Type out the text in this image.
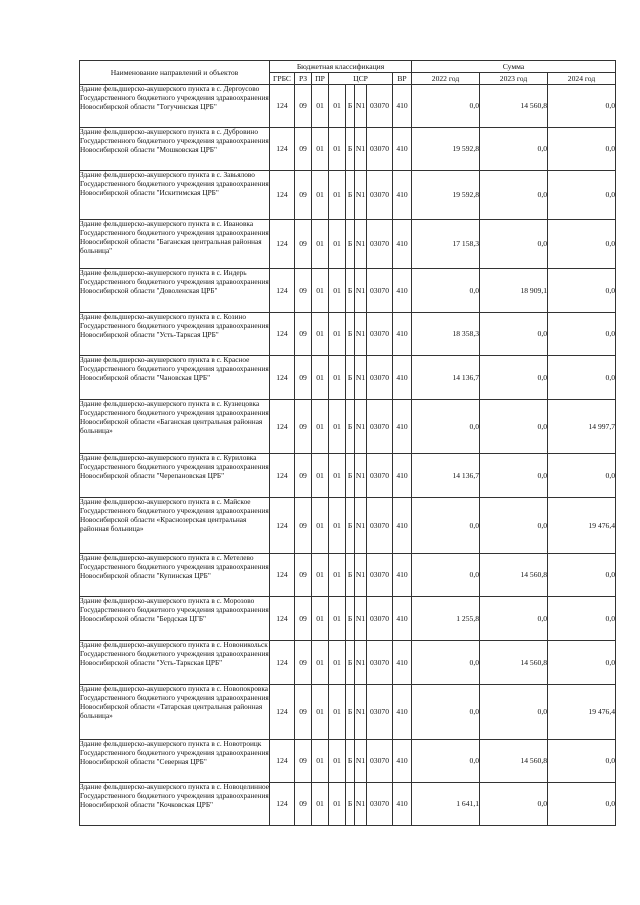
Наименование направлений и объектов	Бюджетная классификация								Сумма		
	ГРБС	РЗ	ПР	ЦСР				ВР	2022 год	2023 год	2024 год
Здание фельдшерско-акушерского пункта в с. Дергоусово Государственного бюджетного учреждения здравоохранения Новосибирской области "Тогучинская ЦРБ"	124	09	01	01	Б	N1	03070	410	0,0	14 560,8	0,0
Здание фельдшерско-акушерского пункта в с. Дубровино Государственного бюджетного учреждения здравоохранения Новосибирской области "Мошковская ЦРБ"	124	09	01	01	Б	N1	03070	410	19 592,8	0,0	0,0
Здание фельдшерско-акушерского пункта в с. Завьялово Государственного бюджетного учреждения здравоохранения Новосибирской области "Искитимская ЦРБ"	124	09	01	01	Б	N1	03070	410	19 592,8	0,0	0,0
Здание фельдшерско-акушерского пункта в с. Ивановка Государственного бюджетного учреждения здравоохранения Новосибирской области "Баганская центральная районная больница"	124	09	01	01	Б	N1	03070	410	17 158,3	0,0	0,0
Здание фельдшерско-акушерского пункта в с. Индерь Государственного бюджетного учреждения здравоохранения Новосибирской области "Доволенская ЦРБ"	124	09	01	01	Б	N1	03070	410	0,0	18 909,1	0,0
Здание фельдшерско-акушерского пункта в с. Козино Государственного бюджетного учреждения здравоохранения Новосибирской области "Усть-Тарксая ЦРБ"	124	09	01	01	Б	N1	03070	410	18 358,3	0,0	0,0
Здание фельдшерско-акушерского пункта в с. Красное Государственного бюджетного учреждения здравоохранения Новосибирской области "Чановская ЦРБ"	124	09	01	01	Б	N1	03070	410	14 136,7	0,0	0,0
Здание фельдшерско-акушерского пункта в с. Кузнецовка Государственного бюджетного учреждения здравоохранения Новосибирской области «Баганская центральная районная больница»	124	09	01	01	Б	N1	03070	410	0,0	0,0	14 997,7
Здание фельдшерско-акушерского пункта в с. Куриловка Государственного бюджетного учреждения здравоохранения Новосибирской области "Черепановская ЦРБ"	124	09	01	01	Б	N1	03070	410	14 136,7	0,0	0,0
Здание фельдшерско-акушерского пункта в с. Майское Государственного бюджетного учреждения здравоохранения Новосибирской области «Краснозерская центральная районная больница»	124	09	01	01	Б	N1	03070	410	0,0	0,0	19 476,4
Здание фельдшерско-акушерского пункта в с. Метелево Государственного бюджетного учреждения здравоохранения Новосибирской области "Купинская ЦРБ"	124	09	01	01	Б	N1	03070	410	0,0	14 560,8	0,0
Здание фельдшерско-акушерского пункта в с. Морозово Государственного бюджетного учреждения здравоохранения Новосибирской области "Бердская ЦГБ"	124	09	01	01	Б	N1	03070	410	1 255,8	0,0	0,0
Здание фельдшерско-акушерского пункта в с. Новоникольск Государственного бюджетного учреждения здравоохранения Новосибирской области "Усть-Таркская ЦРБ"	124	09	01	01	Б	N1	03070	410	0,0	14 560,8	0,0
Здание фельдшерско-акушерского пункта в с. Новопокровка Государственного бюджетного учреждения здравоохранения Новосибирской области «Татарская центральная районная больница»	124	09	01	01	Б	N1	03070	410	0,0	0,0	19 476,4
Здание фельдшерско-акушерского пункта в с. Новотроицк Государственного бюджетного учреждения здравоохранения Новосибирской области "Северная ЦРБ"	124	09	01	01	Б	N1	03070	410	0,0	14 560,8	0,0
Здание фельдшерско-акушерского пункта в с. Новоцелинное Государственного бюджетного учреждения здравоохранения Новосибирской области "Кочковская ЦРБ"	124	09	01	01	Б	N1	03070	410	1 641,1	0,0	0,0
